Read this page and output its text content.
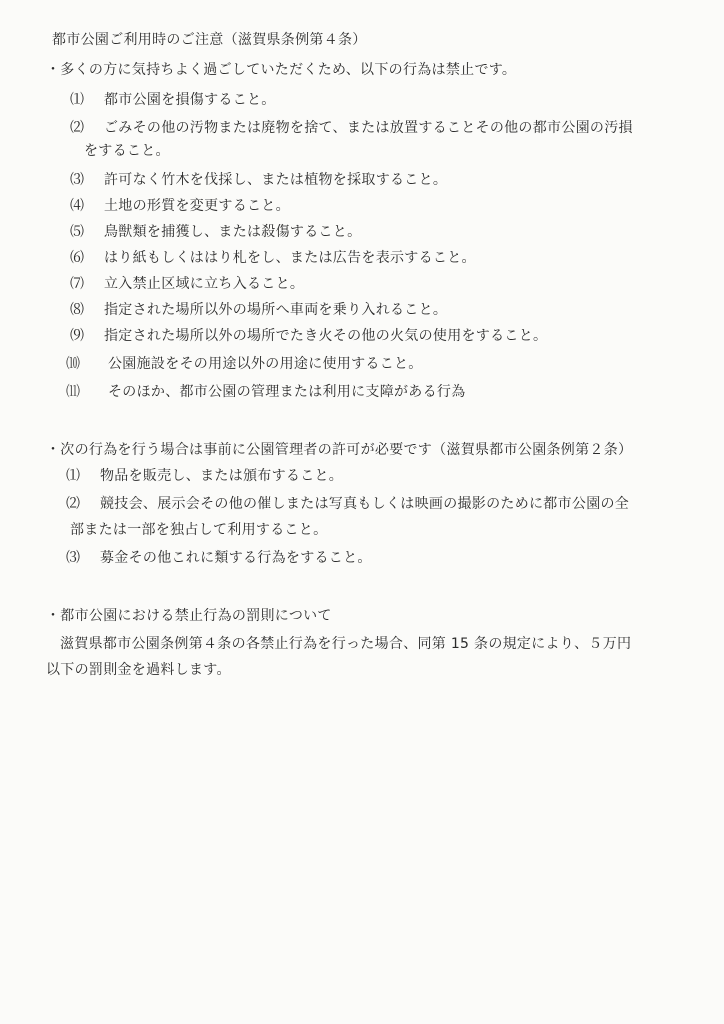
都市公園ご利用時のご注意（滋賀県条例第４条）
・多くの方に気持ちよく過ごしていただくため、以下の行為は禁止です。
⑴ 都市公園を損傷すること。
⑵ ごみその他の汚物または廃物を捨て、または放置することその他の都市公園の汚損
をすること。
⑶ 許可なく竹木を伐採し、または植物を採取すること。
⑷ 土地の形質を変更すること。
⑸ 鳥獣類を捕獲し、または殺傷すること。
⑹ はり紙もしくははり札をし、または広告を表示すること。
⑺ 立入禁止区域に立ち入ること。
⑻ 指定された場所以外の場所へ車両を乗り入れること。
⑼ 指定された場所以外の場所でたき火その他の火気の使用をすること。
⑽ 公園施設をその用途以外の用途に使用すること。
⑾ そのほか、都市公園の管理または利用に支障がある行為
・次の行為を行う場合は事前に公園管理者の許可が必要です（滋賀県都市公園条例第２条）
⑴ 物品を販売し、または頒布すること。
⑵ 競技会、展示会その他の催しまたは写真もしくは映画の撮影のために都市公園の全
部または一部を独占して利用すること。
⑶ 募金その他これに類する行為をすること。
・都市公園における禁止行為の罰則について
滋賀県都市公園条例第４条の各禁止行為を行った場合、同第 15 条の規定により、５万円
以下の罰則金を過料します。
